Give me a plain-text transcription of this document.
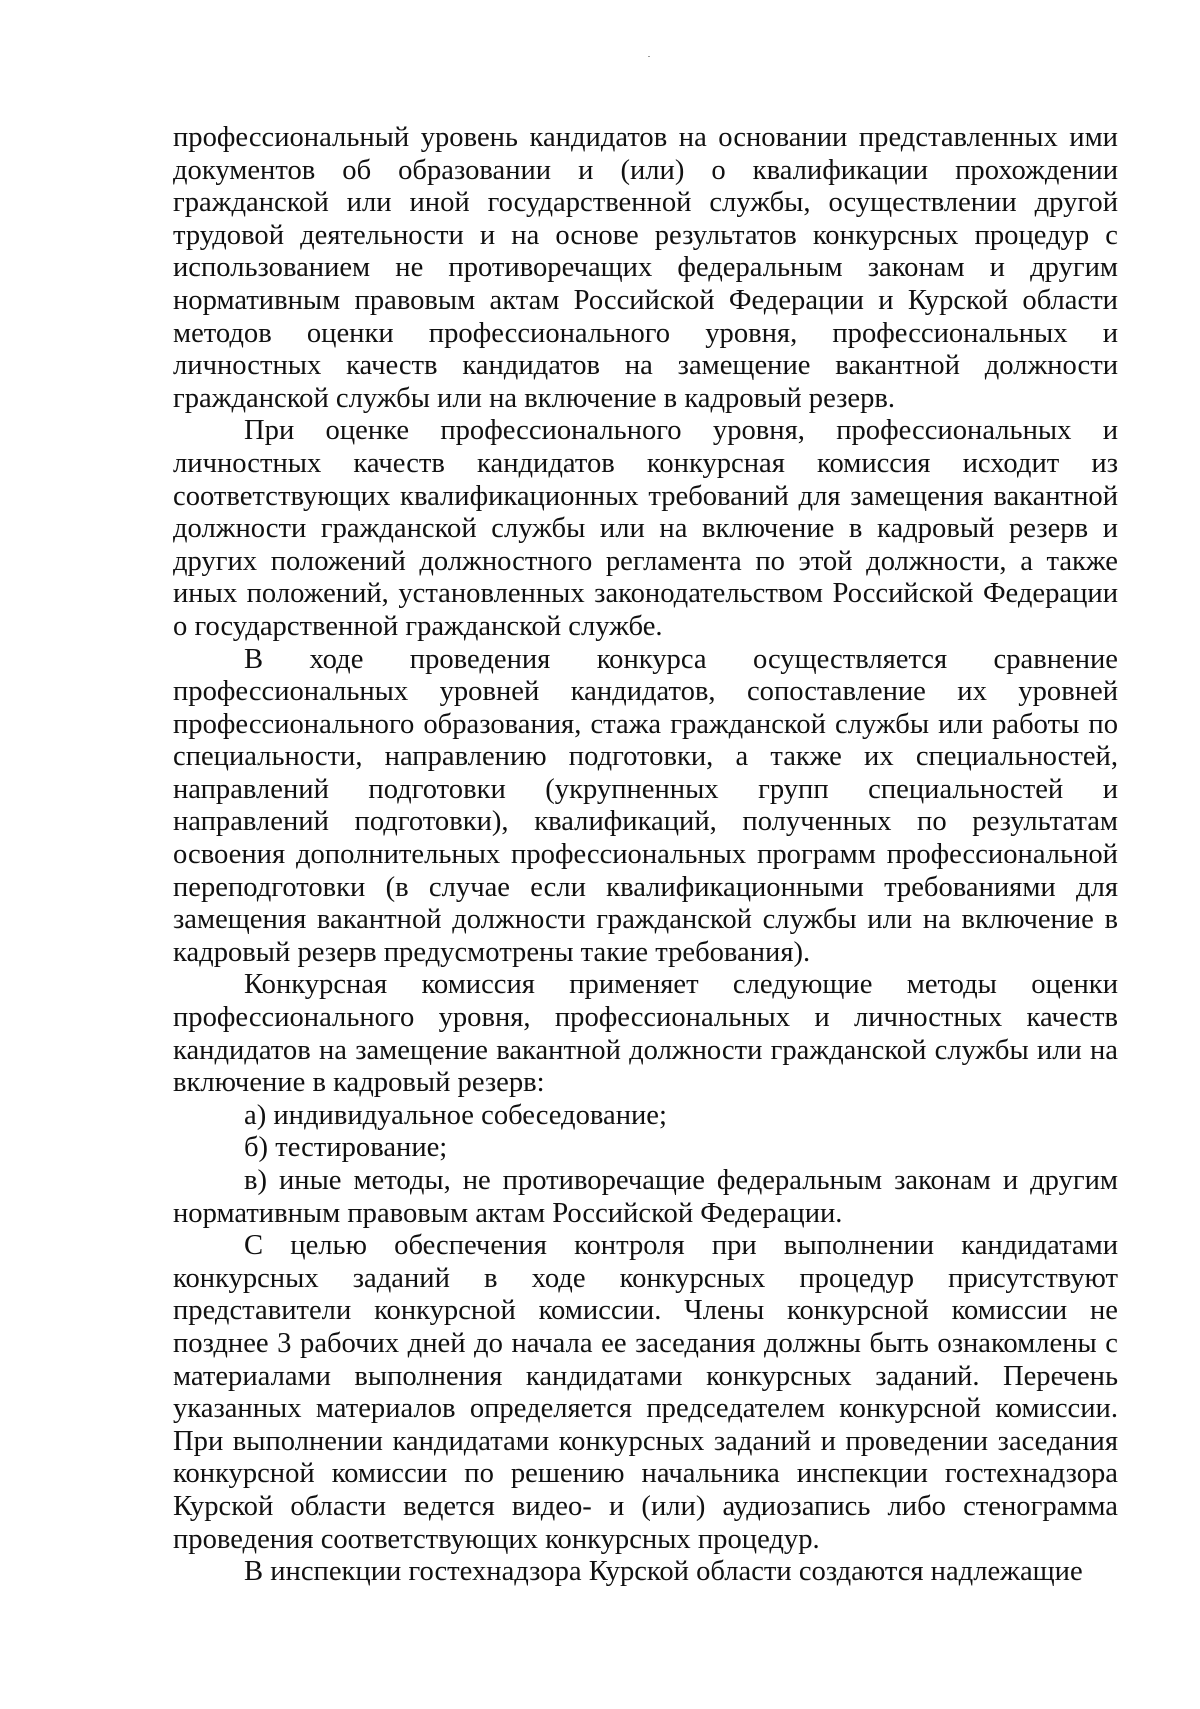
профессиональный уровень кандидатов на основании представленных ими документов об образовании и (или) о квалификации прохождении гражданской или иной государственной службы, осуществлении другой трудовой деятельности и на основе результатов конкурсных процедур с использованием не противоречащих федеральным законам и другим нормативным правовым актам Российской Федерации и Курской области методов оценки профессионального уровня, профессиональных и личностных качеств кандидатов на замещение вакантной должности гражданской службы или на включение в кадровый резерв.

При оценке профессионального уровня, профессиональных и личностных качеств кандидатов конкурсная комиссия исходит из соответствующих квалификационных требований для замещения вакантной должности гражданской службы или на включение в кадровый резерв и других положений должностного регламента по этой должности, а также иных положений, установленных законодательством Российской Федерации о государственной гражданской службе.

В ходе проведения конкурса осуществляется сравнение профессиональных уровней кандидатов, сопоставление их уровней профессионального образования, стажа гражданской службы или работы по специальности, направлению подготовки, а также их специальностей, направлений подготовки (укрупненных групп специальностей и направлений подготовки), квалификаций, полученных по результатам освоения дополнительных профессиональных программ профессиональной переподготовки (в случае если квалификационными требованиями для замещения вакантной должности гражданской службы или на включение в кадровый резерв предусмотрены такие требования).

Конкурсная комиссия применяет следующие методы оценки профессионального уровня, профессиональных и личностных качеств кандидатов на замещение вакантной должности гражданской службы или на включение в кадровый резерв:

а) индивидуальное собеседование;

б) тестирование;

в) иные методы, не противоречащие федеральным законам и другим нормативным правовым актам Российской Федерации.

С целью обеспечения контроля при выполнении кандидатами конкурсных заданий в ходе конкурсных процедур присутствуют представители конкурсной комиссии. Члены конкурсной комиссии не позднее 3 рабочих дней до начала ее заседания должны быть ознакомлены с материалами выполнения кандидатами конкурсных заданий. Перечень указанных материалов определяется председателем конкурсной комиссии. При выполнении кандидатами конкурсных заданий и проведении заседания конкурсной комиссии по решению начальника инспекции гостехнадзора Курской области ведется видео- и (или) аудиозапись либо стенограмма проведения соответствующих конкурсных процедур.

В инспекции гостехнадзора Курской области создаются надлежащие
